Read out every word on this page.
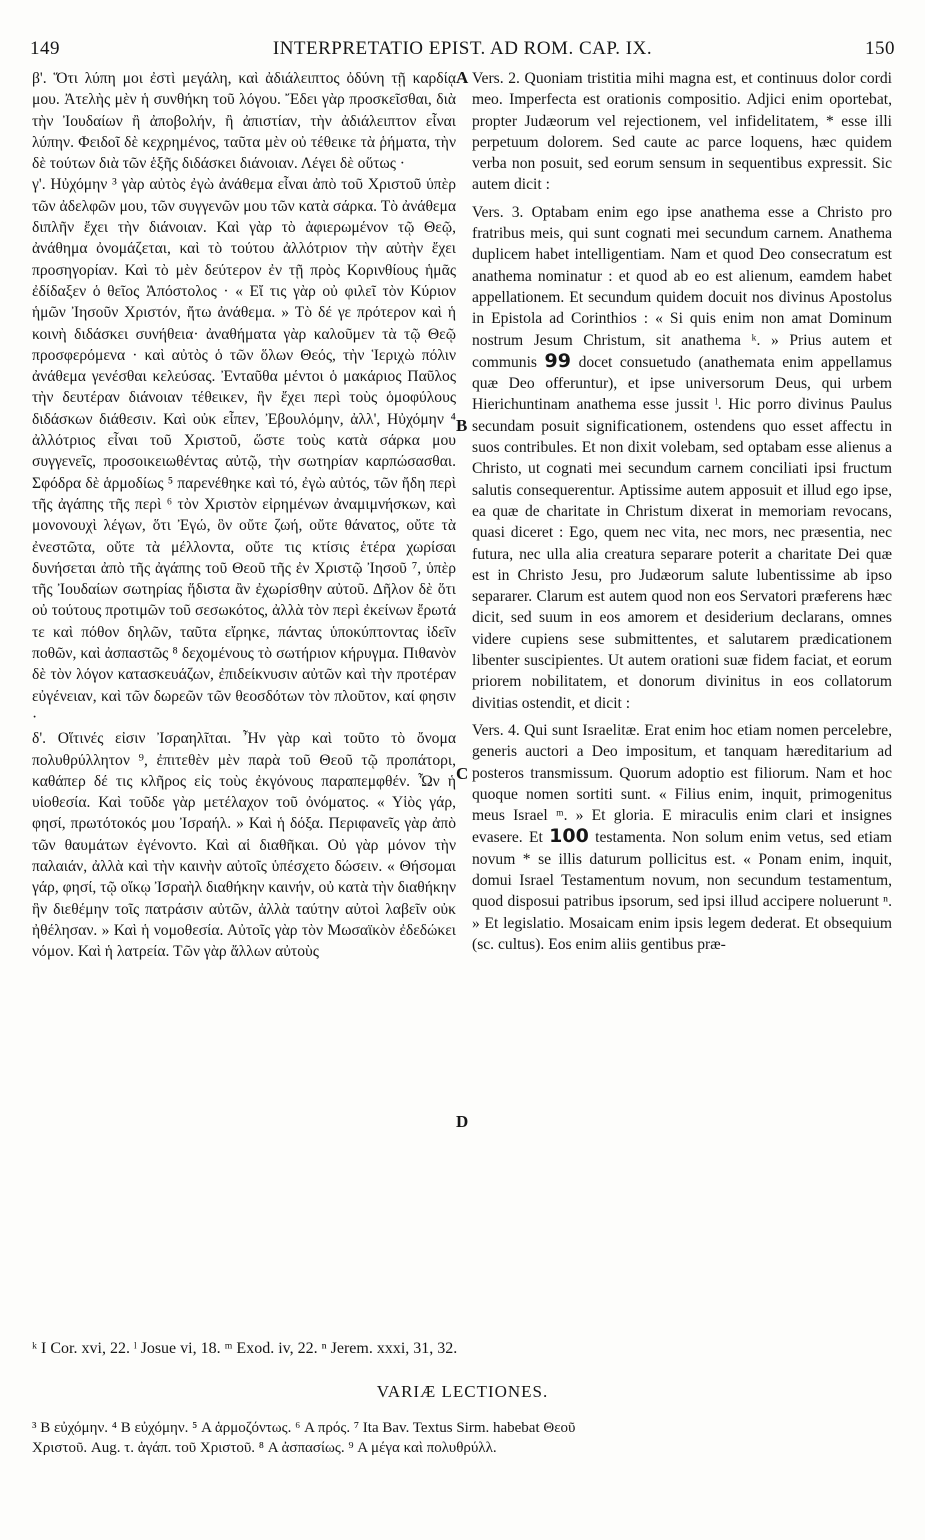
149	INTERPRETATIO EPIST. AD ROM. CAP. IX.	150

β'. Ὅτι λύπη μοι ἐστὶ μεγάλη, καὶ ἀδιάλειπτος ὀδύνη τῇ καρδίᾳ μου. Ἀτελὴς μὲν ἡ συνθήκη τοῦ λόγου. Ἔδει γὰρ προσκεῖσθαι, διὰ τὴν Ἰουδαίων ἢ ἀποβολήν, ἢ ἀπιστίαν, τὴν ἀδιάλειπτον εἶναι λύπην. Φειδοῖ δὲ κεχρημένος, ταῦτα μὲν οὐ τέθεικε τὰ ῥήματα, τὴν δὲ τούτων διὰ τῶν ἑξῆς διδάσκει διάνοιαν. Λέγει δὲ οὕτως ·

γ'. Ηὐχόμην ³ γὰρ αὐτὸς ἐγὼ ἀνάθεμα εἶναι ἀπὸ τοῦ Χριστοῦ ὑπὲρ τῶν ἀδελφῶν μου, τῶν συγγενῶν μου τῶν κατὰ σάρκα. Τὸ ἀνάθεμα διπλῆν ἔχει τὴν διάνοιαν. Καὶ γὰρ τὸ ἀφιερωμένον τῷ Θεῷ, ἀνάθημα ὀνομάζεται, καὶ τὸ τούτου ἀλλότριον τὴν αὐτὴν ἔχει προσηγορίαν. Καὶ τὸ μὲν δεύτερον ἐν τῇ πρὸς Κορινθίους ἡμᾶς ἐδίδαξεν ὁ θεῖος Ἀπόστολος · « Εἴ τις γὰρ οὐ φιλεῖ τὸν Κύριον ἡμῶν Ἰησοῦν Χριστόν, ἤτω ἀνάθεμα. » Τὸ δέ γε πρότερον καὶ ἡ κοινὴ διδάσκει συνήθεια· ἀναθήματα γὰρ καλοῦμεν τὰ τῷ Θεῷ προσφερόμενα · καὶ αὐτὸς ὁ τῶν ὅλων Θεός, τὴν Ἱεριχὼ πόλιν ἀνάθεμα γενέσθαι κελεύσας. Ἐνταῦθα μέντοι ὁ μακάριος Παῦλος τὴν δευτέραν διάνοιαν τέθεικεν, ἣν ἔχει περὶ τοὺς ὁμοφύλους διδάσκων διάθεσιν. Καὶ οὐκ εἶπεν, Ἐβουλόμην, ἀλλ', Ηὐχόμην ⁴ ἀλλότριος εἶναι τοῦ Χριστοῦ, ὥστε τοὺς κατὰ σάρκα μου συγγενεῖς, προσοικειωθέντας αὐτῷ, τὴν σωτηρίαν καρπώσασθαι. Σφόδρα δὲ ἁρμοδίως ⁵ παρενέθηκε καὶ τό, ἐγὼ αὐτός, τῶν ἤδη περὶ τῆς ἀγάπης τῆς περὶ ⁶ τὸν Χριστὸν εἰρημένων ἀναμιμνήσκων, καὶ μονονουχὶ λέγων, ὅτι Ἐγώ, ὃν οὔτε ζωή, οὔτε θάνατος, οὔτε τὰ ἐνεστῶτα, οὔτε τὰ μέλλοντα, οὔτε τις κτίσις ἑτέρα χωρίσαι δυνήσεται ἀπὸ τῆς ἀγάπης τοῦ Θεοῦ τῆς ἐν Χριστῷ Ἰησοῦ ⁷, ὑπὲρ τῆς Ἰουδαίων σωτηρίας ἥδιστα ἂν ἐχωρίσθην αὐτοῦ. Δῆλον δὲ ὅτι οὐ τούτους προτιμῶν τοῦ σεσωκότος, ἀλλὰ τὸν περὶ ἐκείνων ἔρωτά τε καὶ πόθον δηλῶν, ταῦτα εἴρηκε, πάντας ὑποκύπτοντας ἰδεῖν ποθῶν, καὶ ἀσπαστῶς ⁸ δεχομένους τὸ σωτήριον κήρυγμα. Πιθανὸν δὲ τὸν λόγον κατασκευάζων, ἐπιδείκνυσιν αὐτῶν καὶ τὴν προτέραν εὐγένειαν, καὶ τῶν δωρεῶν τῶν θεοσδότων τὸν πλοῦτον, καί φησιν ·

δ'. Οἵτινές εἰσιν Ἰσραηλῖται. Ἦν γὰρ καὶ τοῦτο τὸ ὄνομα πολυθρύλλητον ⁹, ἐπιτεθὲν μὲν παρὰ τοῦ Θεοῦ τῷ προπάτορι, καθάπερ δέ τις κλῆρος εἰς τοὺς ἐκγόνους παραπεμφθέν. Ὧν ἡ υἱοθεσία. Καὶ τοῦδε γὰρ μετέλαχον τοῦ ὀνόματος. « Υἱὸς γάρ, φησί, πρωτότοκός μου Ἰσραήλ. » Καὶ ἡ δόξα. Περιφανεῖς γὰρ ἀπὸ τῶν θαυμάτων ἐγένοντο. Καὶ αἱ διαθῆκαι. Οὐ γὰρ μόνον τὴν παλαιάν, ἀλλὰ καὶ τὴν καινὴν αὐτοῖς ὑπέσχετο δώσειν. « Θήσομαι γάρ, φησί, τῷ οἴκῳ Ἰσραὴλ διαθήκην καινήν, οὐ κατὰ τὴν διαθήκην ἣν διεθέμην τοῖς πατράσιν αὐτῶν, ἀλλὰ ταύτην αὐτοὶ λαβεῖν οὐκ ἠθέλησαν. » Καὶ ἡ νομοθεσία. Αὐτοῖς γὰρ τὸν Μωσαϊκὸν ἐδεδώκει νόμον. Καὶ ἡ λατρεία. Τῶν γὰρ ἄλλων αὐτοὺς

A
B
C
D

Vers. 2. Quoniam tristitia mihi magna est, et continuus dolor cordi meo. Imperfecta est orationis compositio. Adjici enim oportebat, propter Judæorum vel rejectionem, vel infidelitatem, * esse illi perpetuum dolorem. Sed caute ac parce loquens, hæc quidem verba non posuit, sed eorum sensum in sequentibus expressit. Sic autem dicit :

Vers. 3. Optabam enim ego ipse anathema esse a Christo pro fratribus meis, qui sunt cognati mei secundum carnem. Anathema duplicem habet intelligentiam. Nam et quod Deo consecratum est anathema nominatur : et quod ab eo est alienum, eamdem habet appellationem. Et secundum quidem docuit nos divinus Apostolus in Epistola ad Corinthios : « Si quis enim non amat Dominum nostrum Jesum Christum, sit anathema ᵏ. » Prius autem et communis 99 docet consuetudo (anathemata enim appellamus quæ Deo offeruntur), et ipse universorum Deus, qui urbem Hierichuntinam anathema esse jussit ˡ. Hic porro divinus Paulus secundam posuit significationem, ostendens quo esset affectu in suos contribules. Et non dixit volebam, sed optabam esse alienus a Christo, ut cognati mei secundum carnem conciliati ipsi fructum salutis consequerentur. Aptissime autem apposuit et illud ego ipse, ea quæ de charitate in Christum dixerat in memoriam revocans, quasi diceret : Ego, quem nec vita, nec mors, nec præsentia, nec futura, nec ulla alia creatura separare poterit a charitate Dei quæ est in Christo Jesu, pro Judæorum salute lubentissime ab ipso separarer. Clarum est autem quod non eos Servatori præferens hæc dicit, sed suum in eos amorem et desiderium declarans, omnes videre cupiens sese submittentes, et salutarem prædicationem libenter suscipientes. Ut autem orationi suæ fidem faciat, et eorum priorem nobilitatem, et donorum divinitus in eos collatorum divitias ostendit, et dicit :

Vers. 4. Qui sunt Israelitæ. Erat enim hoc etiam nomen percelebre, generis auctori a Deo impositum, et tanquam hæreditarium ad posteros transmissum. Quorum adoptio est filiorum. Nam et hoc quoque nomen sortiti sunt. « Filius enim, inquit, primogenitus meus Israel ᵐ. » Et gloria. E miraculis enim clari et insignes evasere. Et 100 testamenta. Non solum enim vetus, sed etiam novum * se illis daturum pollicitus est. « Ponam enim, inquit, domui Israel Testamentum novum, non secundum testamentum, quod disposui patribus ipsorum, sed ipsi illud accipere noluerunt ⁿ. » Et legislatio. Mosaicam enim ipsis legem dederat. Et obsequium (sc. cultus). Eos enim aliis gentibus præ-

ᵏ I Cor. xvi, 22. ˡ Josue vi, 18. ᵐ Exod. iv, 22. ⁿ Jerem. xxxi, 31, 32.
VARIÆ LECTIONES.
³ B εὐχόμην. ⁴ B εὐχόμην. ⁵ A ἁρμοζόντως. ⁶ A πρός. ⁷ Ita Bav. Textus Sirm. habebat Θεοῦ
Χριστοῦ. Aug. τ. ἀγάπ. τοῦ Χριστοῦ. ⁸ A ἀσπασίως. ⁹ A μέγα καὶ πολυθρύλλ.
